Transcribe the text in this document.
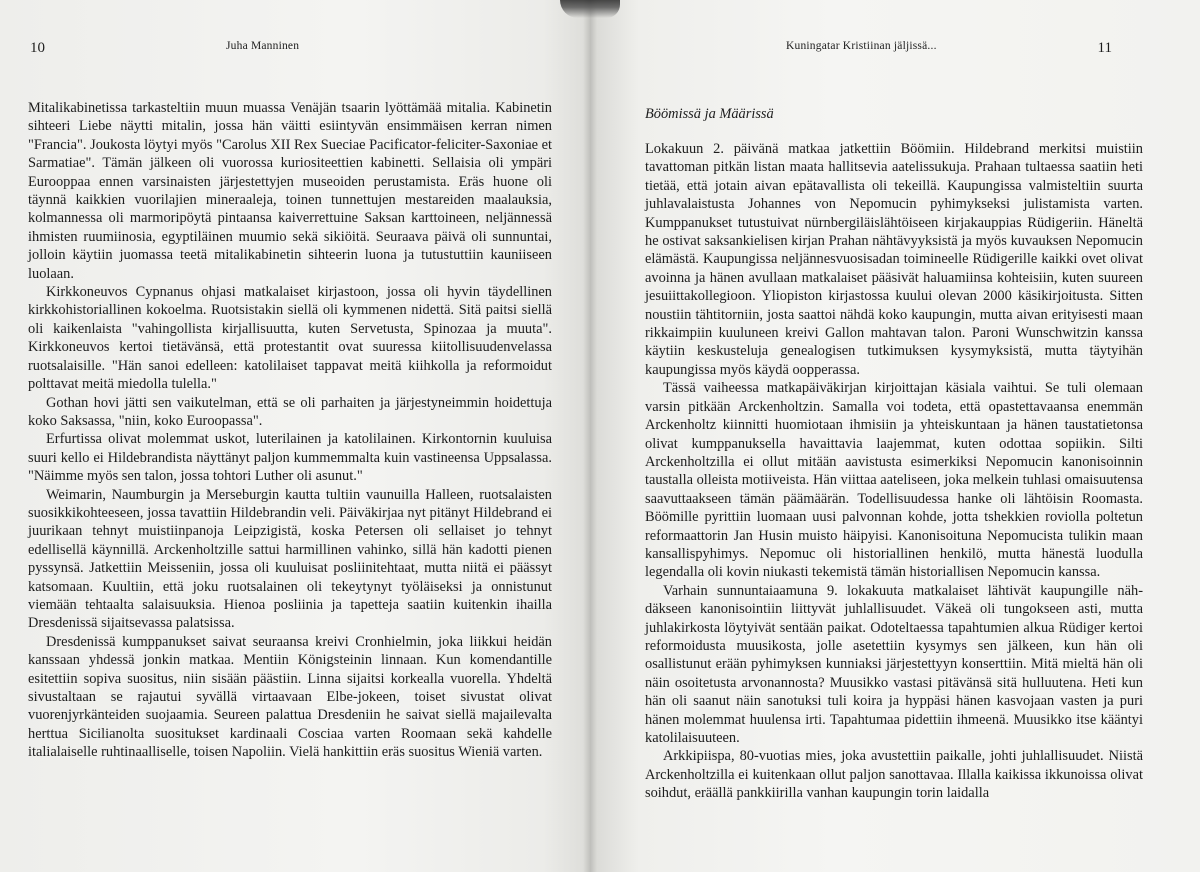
10	Juha Manninen

Mitalikabinetissa tarkasteltiin muun muassa Venäjän tsaarin lyöttämää mitalia. Kabinetin sihteeri Liebe näytti mitalin, jossa hän väitti esiintyvän ensimmäisen kerran nimen "Francia". Joukosta löytyi myös "Carolus XII Rex Sueciae Pacificator-feliciter-Saxoniae et Sarmatiae". Tämän jälkeen oli vuorossa kuriositeettien kabinetti. Sellaisia oli ympäri Eurooppaa ennen varsinaisten järjestettyjen museoiden perustamista. Eräs huone oli täynnä kaikkien vuorilajien mineraaleja, toinen tunnettujen mestareiden maalauksia, kolmannessa oli marmoripöytä pintaansa kaiverrettuine Saksan karttoineen, neljännessä ihmisten ruumiinosia, egyptiläinen muumio sekä sikiöitä. Seuraava päivä oli sunnuntai, jolloin käytiin juomassa teetä mitalikabinetin sihteerin luona ja tutustuttiin kauniiseen luolaan.

Kirkkoneuvos Cypnanus ohjasi matkalaiset kirjastoon, jossa oli hyvin täydellinen kirkkohistoriallinen kokoelma. Ruotsistakin siellä oli kymmenen nidettä. Sitä paitsi siellä oli kaikenlaista "vahingollista kirjallisuutta, kuten Servetusta, Spinozaa ja muuta". Kirkkoneuvos kertoi tietävänsä, että protestantit ovat suuressa kiitollisuudenvelassa ruotsalaisille. "Hän sanoi edelleen: katolilaiset tappavat meitä kiihkolla ja reformoidut polttavat meitä miedolla tulella."

Gothan hovi jätti sen vaikutelman, että se oli parhaiten ja järjestyneimmin hoidettuja koko Saksassa, "niin, koko Euroopassa".

Erfurtissa olivat molemmat uskot, luterilainen ja katolilainen. Kirkontornin kuuluisa suuri kello ei Hildebrandista näyttänyt paljon kummemmalta kuin vastineensa Uppsalassa. "Näimme myös sen talon, jossa tohtori Luther oli asunut."

Weimarin, Naumburgin ja Merseburgin kautta tultiin vaunuilla Halleen, ruotsalaisten suosikkikohteeseen, jossa tavattiin Hildebrandin veli. Päiväkirjaa nyt pitänyt Hildebrand ei juurikaan tehnyt muistiinpanoja Leipzigistä, koska Petersen oli sellaiset jo tehnyt edellisellä käynnillä. Arckenholtzille sattui harmillinen vahinko, sillä hän kadotti pienen pyssynsä. Jatkettiin Meisseniin, jossa oli kuuluisat posliinitehtaat, mutta niitä ei päässyt katsomaan. Kuultiin, että joku ruotsalainen oli tekeytynyt työläiseksi ja onnistunut viemään tehtaalta salaisuuksia. Hienoa posliinia ja tapetteja saatiin kuitenkin ihailla Dresdenissä sijaitsevassa palatsissa.

Dresdenissä kumppanukset saivat seuraansa kreivi Cronhielmin, joka liikkui heidän kanssaan yhdessä jonkin matkaa. Mentiin Königsteinin linnaan. Kun komendantille esitettiin sopiva suositus, niin sisään päästiin. Linna sijaitsi korkealla vuorella. Yhdeltä sivustaltaan se rajautui syvällä virtaavaan Elbe-jokeen, toiset sivustat olivat vuorenjyrkänteiden suojaamia. Seureen palattua Dresdeniin he saivat siellä majailevalta herttua Sicilianolta suositukset kardinaali Cosciaa varten Roomaan sekä kahdelle italialaiselle ruhtinaalliselle, toisen Napoliin. Vielä hankittiin eräs suositus Wieniä varten.

Kuningatar Kristiinan jäljissä...	11
Böömissä ja Määrissä

Lokakuun 2. päivänä matkaa jatkettiin Böömiin. Hildebrand merkitsi muistiin tavattoman pitkän listan maata hallitsevia aatelissukuja. Prahaan tultaessa saatiin heti tietää, että jotain aivan epätavallista oli tekeillä. Kaupungissa valmisteltiin suurta juhlavalaistusta Johannes von Nepomucin pyhimykseksi julistamista varten. Kumppanukset tutustuivat nürnbergiläislähtöiseen kirjakauppias Rüdigeriin. Häneltä he ostivat saksankielisen kirjan Prahan nähtävyyksistä ja myös kuvauksen Nepomucin elämästä. Kaupungissa neljännesvuosisadan toimineelle Rüdigerille kaikki ovet olivat avoinna ja hänen avullaan matkalaiset pääsivät haluamiinsa kohteisiin, kuten suureen jesuiittakollegioon. Yliopiston kirjastossa kuului olevan 2000 käsikirjoitusta. Sitten noustiin tähtitorniin, josta saattoi nähdä koko kaupungin, mutta aivan erityisesti maan rikkaimpiin kuuluneen kreivi Gallon mahtavan talon. Paroni Wunschwitzin kanssa käytiin keskusteluja genealogisen tutkimuksen kysymyksistä, mutta täytyihän kaupungissa myös käydä oopperassa.

Tässä vaiheessa matkapäiväkirjan kirjoittajan käsiala vaihtui. Se tuli olemaan varsin pitkään Arckenholtzin. Samalla voi todeta, että opastettavaansa enemmän Arckenholtz kiinnitti huomiotaan ihmisiin ja yhteiskuntaan ja hänen taustatietonsa olivat kumppanuksella havaittavia laajemmat, kuten odottaa sopiikin. Silti Arckenholtzilla ei ollut mitään aavistusta esimerkiksi Nepomucin kanonisoinnin taustalla olleista motiiveista. Hän viittaa aateliseen, joka melkein tuhlasi omaisuutensa saavuttaakseen tämän päämäärän. Todellisuudessa hanke oli lähtöisin Roomasta. Böömille pyrittiin luomaan uusi palvonnan kohde, jotta tshekkien roviolla poltetun reformaattorin Jan Husin muisto häipyisi. Kanonisoituna Nepomucista tulikin maan kansallispyhimys. Nepomuc oli historiallinen henkilö, mutta hänestä luodulla legendalla oli kovin niukasti tekemistä tämän historiallisen Nepomucin kanssa.

Varhain sunnuntaiaamuna 9. lokakuuta matkalaiset lähtivät kaupungille nähdäkseen kanonisointiin liittyvät juhlallisuudet. Väkeä oli tungokseen asti, mutta juhlakirkosta löytyivät sentään paikat. Odoteltaessa tapahtumien alkua Rüdiger kertoi reformoidusta muusikosta, jolle asetettiin kysymys sen jälkeen, kun hän oli osallistunut erään pyhimyksen kunniaksi järjestettyyn konserttiin. Mitä mieltä hän oli näin osoitetusta arvonannosta? Muusikko vastasi pitävänsä sitä hulluutena. Heti kun hän oli saanut näin sanotuksi tuli koira ja hyppäsi hänen kasvojaan vasten ja puri hänen molemmat huulensa irti. Tapahtumaa pidettiin ihmeenä. Muusikko itse kääntyi katolilaisuuteen.

Arkkipiispa, 80-vuotias mies, joka avustettiin paikalle, johti juhlallisuudet. Niistä Arckenholtzilla ei kuitenkaan ollut paljon sanottavaa. Illalla kaikissa ikkunoissa olivat soihdut, eräällä pankkiirilla vanhan kaupungin torin laidalla
